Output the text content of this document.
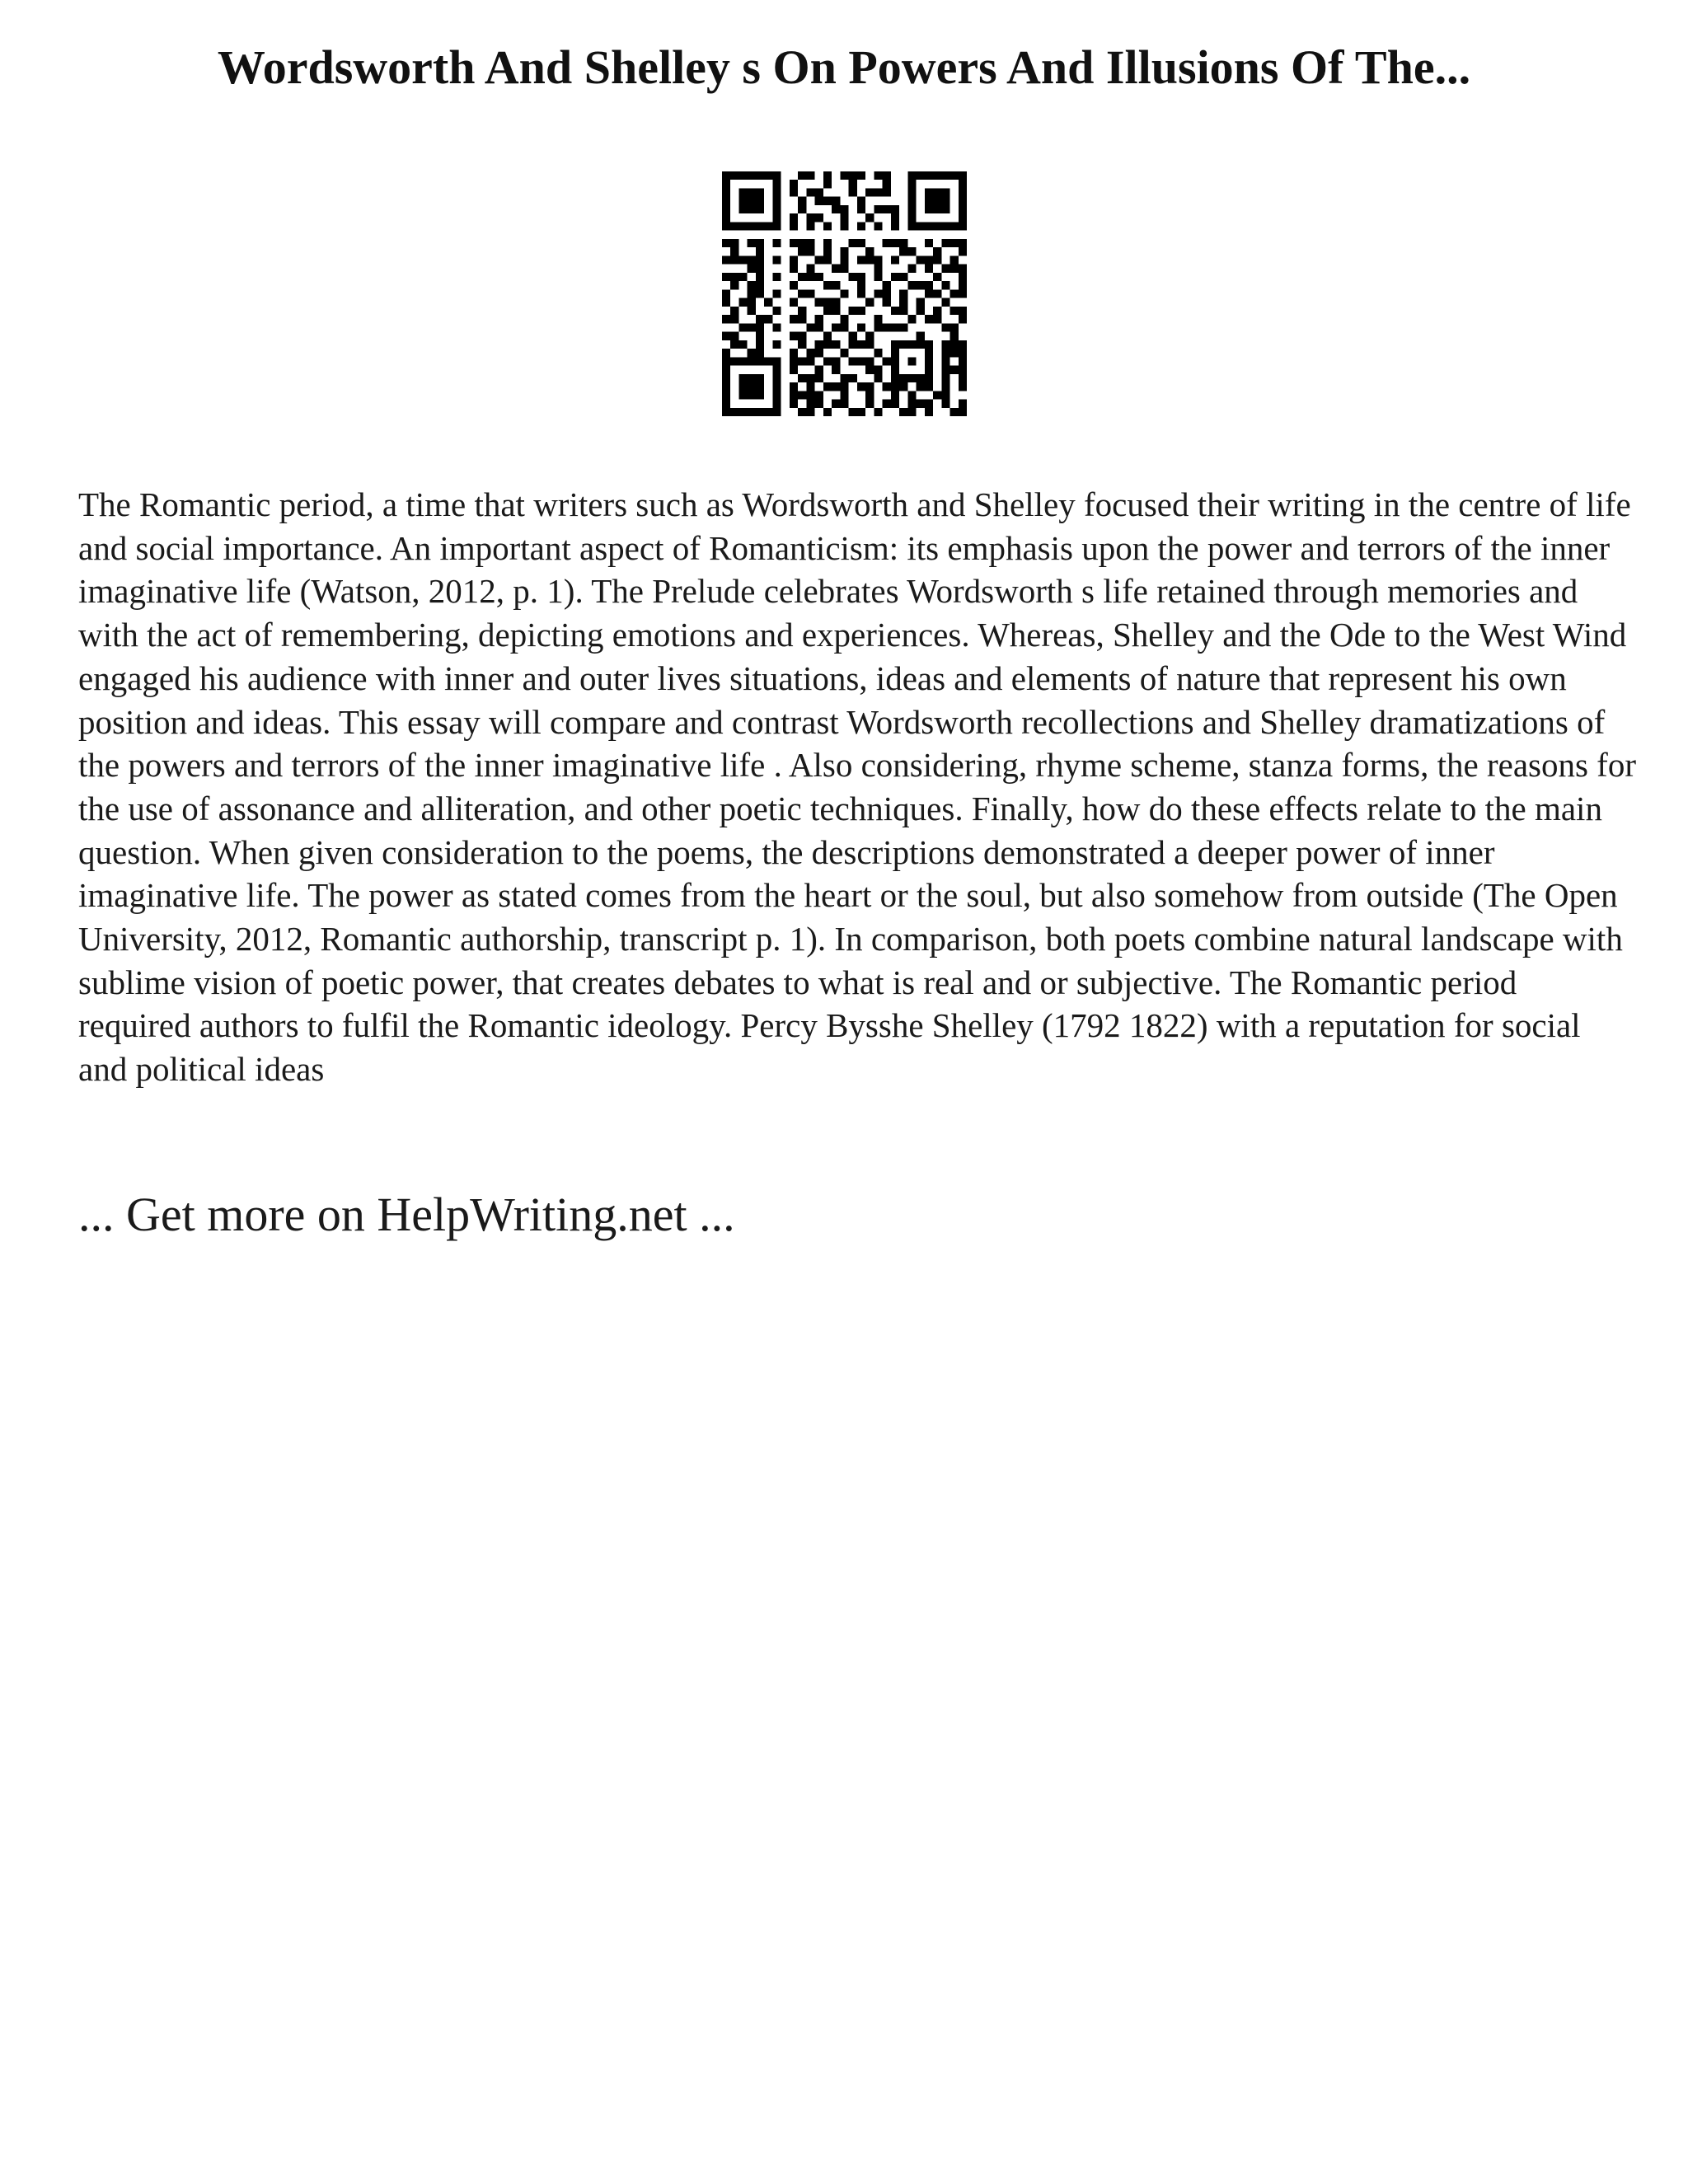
Wordsworth And Shelley s On Powers And Illusions Of The...

The Romantic period, a time that writers such as Wordsworth and Shelley focused their writing in the centre of life and social importance. An important aspect of Romanticism: its emphasis upon the power and terrors of the inner imaginative life (Watson, 2012, p. 1). The Prelude celebrates Wordsworth s life retained through memories and with the act of remembering, depicting emotions and experiences. Whereas, Shelley and the Ode to the West Wind engaged his audience with inner and outer lives situations, ideas and elements of nature that represent his own position and ideas. This essay will compare and contrast Wordsworth recollections and Shelley dramatizations of the powers and terrors of the inner imaginative life . Also considering, rhyme scheme, stanza forms, the reasons for the use of assonance and alliteration, and other poetic techniques. Finally, how do these effects relate to the main question. When given consideration to the poems, the descriptions demonstrated a deeper power of inner imaginative life. The power as stated comes from the heart or the soul, but also somehow from outside (The Open University, 2012, Romantic authorship, transcript p. 1). In comparison, both poets combine natural landscape with sublime vision of poetic power, that creates debates to what is real and or subjective. The Romantic period required authors to fulfil the Romantic ideology. Percy Bysshe Shelley (1792 1822) with a reputation for social and political ideas

... Get more on HelpWriting.net ...
